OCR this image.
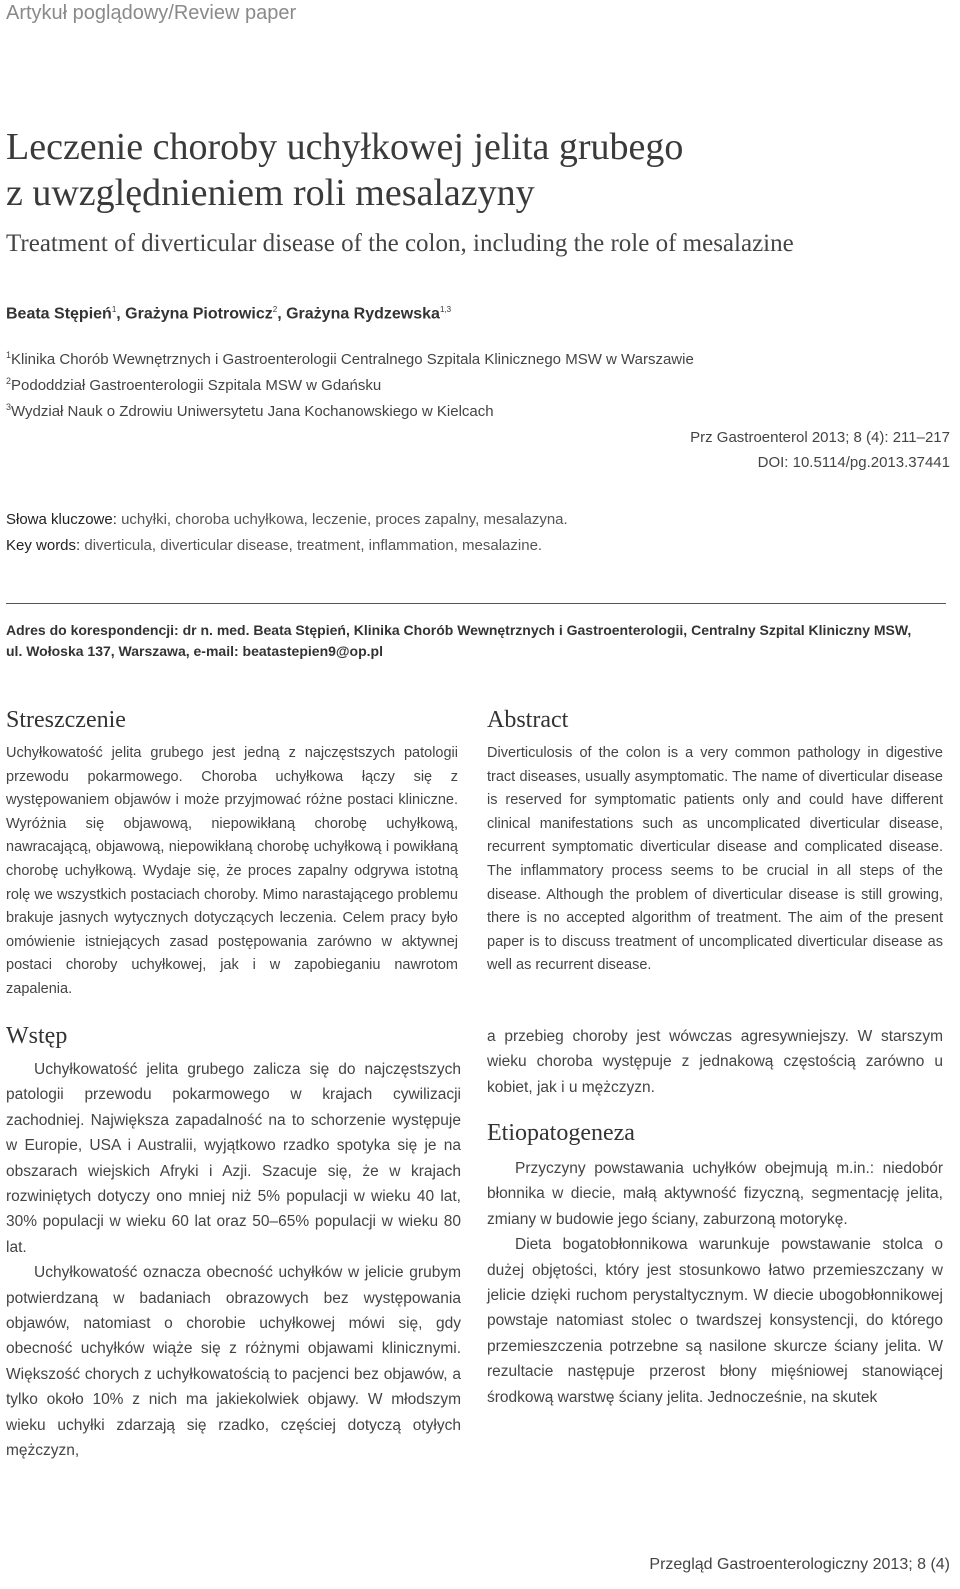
Artykuł poglądowy/Review paper
Leczenie choroby uchyłkowej jelita grubego
z uwzględnieniem roli mesalazyny
Treatment of diverticular disease of the colon, including the role of mesalazine
Beata Stępień$^1$, Grażyna Piotrowicz$^2$, Grażyna Rydzewska$^{1,3}$
$^1$Klinika Chorób Wewnętrznych i Gastroenterologii Centralnego Szpitala Klinicznego MSW w Warszawie
$^2$Pododdział Gastroenterologii Szpitala MSW w Gdańsku
$^3$Wydział Nauk o Zdrowiu Uniwersytetu Jana Kochanowskiego w Kielcach
Prz Gastroenterol 2013; 8 (4): 211–217
DOI: 10.5114/pg.2013.37441
Słowa kluczowe: uchyłki, choroba uchyłkowa, leczenie, proces zapalny, mesalazyna.
Key words: diverticula, diverticular disease, treatment, inflammation, mesalazine.
Adres do korespondencji: dr n. med. Beata Stępień, Klinika Chorób Wewnętrznych i Gastroenterologii, Centralny Szpital Kliniczny MSW, ul. Wołoska 137, Warszawa, e-mail: beatastepien9@op.pl
Streszczenie

Uchyłkowatość jelita grubego jest jedną z najczęstszych patologii przewodu pokarmowego. Choroba uchyłkowa łączy się z występowaniem objawów i może przyjmować różne postaci kliniczne. Wyróżnia się objawową, niepowikłaną chorobę uchyłkową, nawracającą, objawową, niepowikłaną chorobę uchyłkową i powikłaną chorobę uchyłkową. Wydaje się, że proces zapalny odgrywa istotną rolę we wszystkich postaciach choroby. Mimo narastającego problemu brakuje jasnych wytycznych dotyczących leczenia. Celem pracy było omówienie istniejących zasad postępowania zarówno w aktywnej postaci choroby uchyłkowej, jak i w zapobieganiu nawrotom zapalenia.

Abstract

Diverticulosis of the colon is a very common pathology in digestive tract diseases, usually asymptomatic. The name of diverticular disease is reserved for symptomatic patients only and could have different clinical manifestations such as uncomplicated diverticular disease, recurrent symptomatic diverticular disease and complicated disease. The inflammatory process seems to be crucial in all steps of the disease. Although the problem of diverticular disease is still growing, there is no accepted algorithm of treatment. The aim of the present paper is to discuss treatment of uncomplicated diverticular disease as well as recurrent disease.

Wstęp

Uchyłkowatość jelita grubego zalicza się do najczęstszych patologii przewodu pokarmowego w krajach cywilizacji zachodniej. Największa zapadalność na to schorzenie występuje w Europie, USA i Australii, wyjątkowo rzadko spotyka się je na obszarach wiejskich Afryki i Azji. Szacuje się, że w krajach rozwiniętych dotyczy ono mniej niż 5% populacji w wieku 40 lat, 30% populacji w wieku 60 lat oraz 50–65% populacji w wieku 80 lat.

Uchyłkowatość oznacza obecność uchyłków w jelicie grubym potwierdzaną w badaniach obrazowych bez występowania objawów, natomiast o chorobie uchyłkowej mówi się, gdy obecność uchyłków wiąże się z różnymi objawami klinicznymi. Większość chorych z uchyłkowatością to pacjenci bez objawów, a tylko około 10% z nich ma jakiekolwiek objawy. W młodszym wieku uchyłki zdarzają się rzadko, częściej dotyczą otyłych mężczyzn,

a przebieg choroby jest wówczas agresywniejszy. W starszym wieku choroba występuje z jednakową częstością zarówno u kobiet, jak i u mężczyzn.

Etiopatogeneza

Przyczyny powstawania uchyłków obejmują m.in.: niedobór błonnika w diecie, małą aktywność fizyczną, segmentację jelita, zmiany w budowie jego ściany, zaburzoną motorykę.

Dieta bogatobłonnikowa warunkuje powstawanie stolca o dużej objętości, który jest stosunkowo łatwo przemieszczany w jelicie dzięki ruchom perystaltycznym. W diecie ubogobłonnikowej powstaje natomiast stolec o twardszej konsystencji, do którego przemieszczenia potrzebne są nasilone skurcze ściany jelita. W rezultacie następuje przerost błony mięśniowej stanowiącej środkową warstwę ściany jelita. Jednocześnie, na skutek

Przegląd Gastroenterologiczny 2013; 8 (4)
